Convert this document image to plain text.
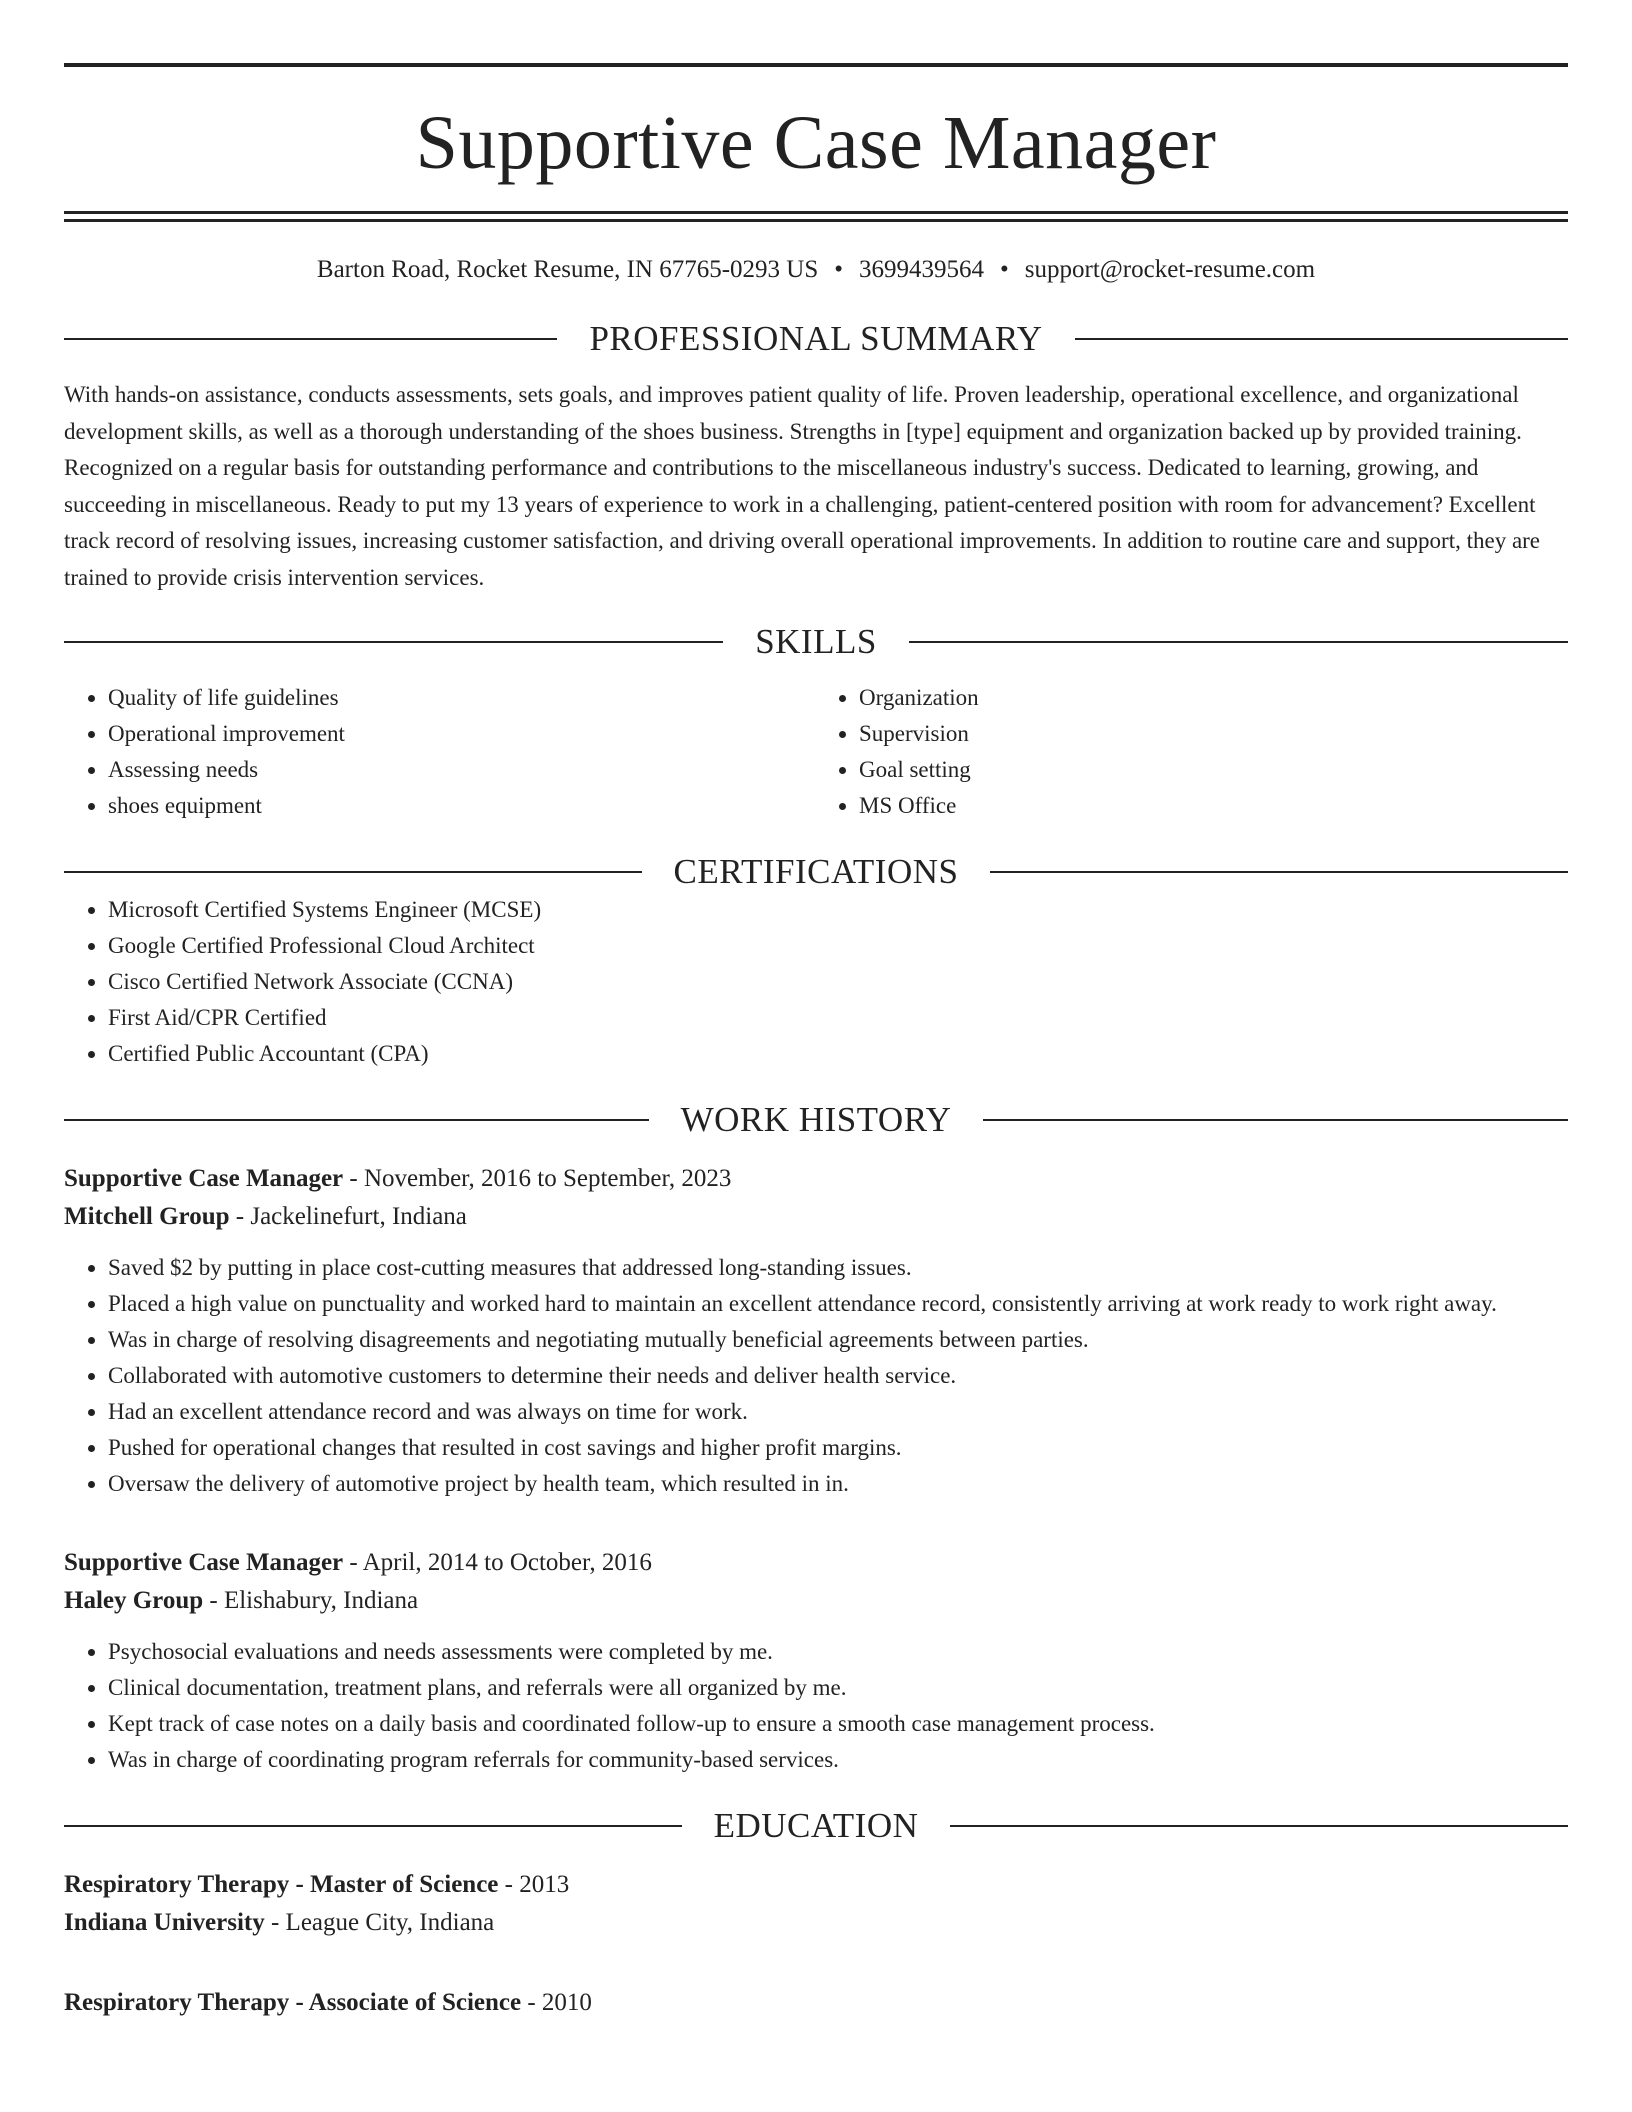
Supportive Case Manager
Barton Road, Rocket Resume, IN 67765-0293 US • 3699439564 • support@rocket-resume.com
PROFESSIONAL SUMMARY
With hands-on assistance, conducts assessments, sets goals, and improves patient quality of life. Proven leadership, operational excellence, and organizational development skills, as well as a thorough understanding of the shoes business. Strengths in [type] equipment and organization backed up by provided training. Recognized on a regular basis for outstanding performance and contributions to the miscellaneous industry's success. Dedicated to learning, growing, and succeeding in miscellaneous. Ready to put my 13 years of experience to work in a challenging, patient-centered position with room for advancement? Excellent track record of resolving issues, increasing customer satisfaction, and driving overall operational improvements. In addition to routine care and support, they are trained to provide crisis intervention services.
SKILLS
• Quality of life guidelines
• Operational improvement
• Assessing needs
• shoes equipment
• Organization
• Supervision
• Goal setting
• MS Office
CERTIFICATIONS
• Microsoft Certified Systems Engineer (MCSE)
• Google Certified Professional Cloud Architect
• Cisco Certified Network Associate (CCNA)
• First Aid/CPR Certified
• Certified Public Accountant (CPA)
WORK HISTORY
Supportive Case Manager - November, 2016 to September, 2023
Mitchell Group - Jackelinefurt, Indiana
• Saved $2 by putting in place cost-cutting measures that addressed long-standing issues.
• Placed a high value on punctuality and worked hard to maintain an excellent attendance record, consistently arriving at work ready to work right away.
• Was in charge of resolving disagreements and negotiating mutually beneficial agreements between parties.
• Collaborated with automotive customers to determine their needs and deliver health service.
• Had an excellent attendance record and was always on time for work.
• Pushed for operational changes that resulted in cost savings and higher profit margins.
• Oversaw the delivery of automotive project by health team, which resulted in in.
Supportive Case Manager - April, 2014 to October, 2016
Haley Group - Elishabury, Indiana
• Psychosocial evaluations and needs assessments were completed by me.
• Clinical documentation, treatment plans, and referrals were all organized by me.
• Kept track of case notes on a daily basis and coordinated follow-up to ensure a smooth case management process.
• Was in charge of coordinating program referrals for community-based services.
EDUCATION
Respiratory Therapy - Master of Science - 2013
Indiana University - League City, Indiana
Respiratory Therapy - Associate of Science - 2010
